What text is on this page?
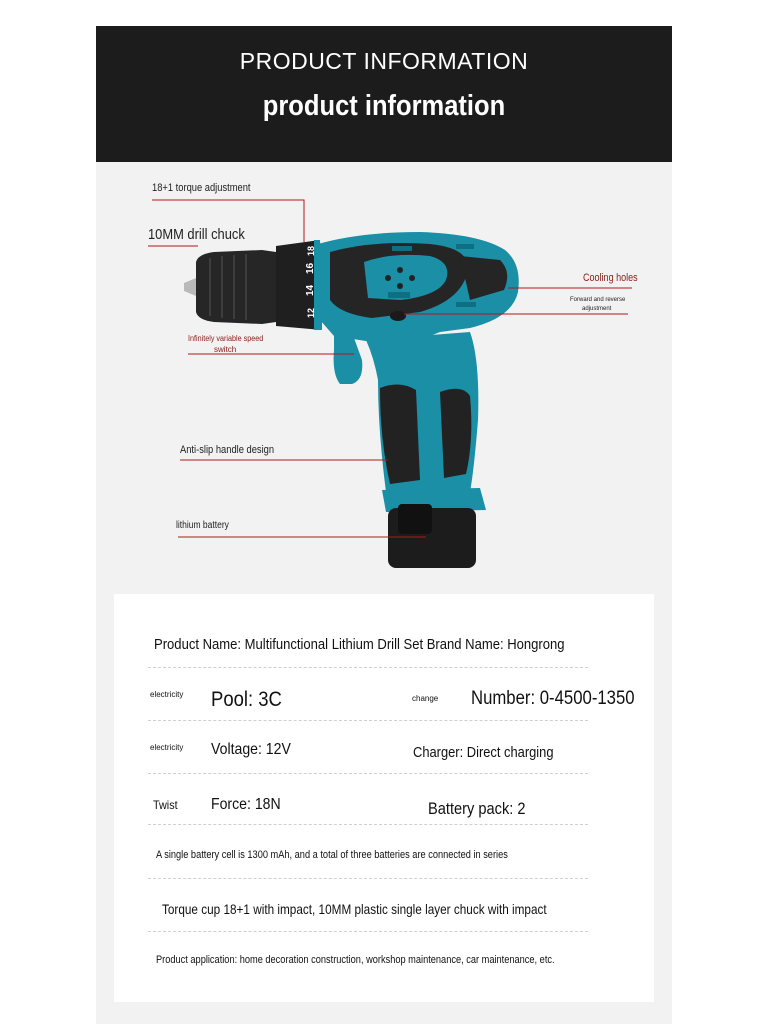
PRODUCT INFORMATION
product information
18
16
14
12
18+1 torque adjustment
10MM drill chuck
Infinitely variable speed
switch
Anti-slip handle design
lithium battery
Cooling holes
Forward and reverse
adjustment
Product Name: Multifunctional Lithium Drill Set Brand Name: Hongrong
electricity Pool: 3C	change Number: 0-4500-1350
electricity Voltage: 12V	Charger: Direct charging
Twist Force: 18N	Battery pack: 2
A single battery cell is 1300 mAh, and a total of three batteries are connected in series
Torque cup 18+1 with impact, 10MM plastic single layer chuck with impact
Product application: home decoration construction, workshop maintenance, car maintenance, etc.
